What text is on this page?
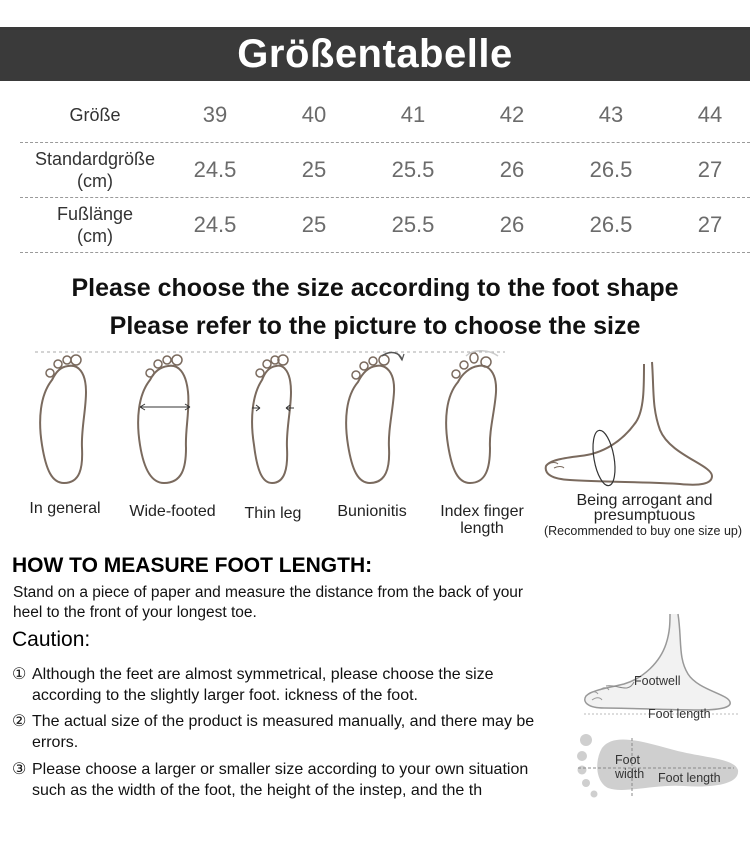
Größentabelle
Größe	39	40	41	42	43	44
Standardgröße
(cm)	24.5	25	25.5	26	26.5	27
Fußlänge
(cm)	24.5	25	25.5	26	26.5	27
Please choose the size according to the foot shape
Please refer to the picture to choose the size
In general	Wide-footed	Thin leg	Bunionitis	Index finger
length
Being arrogant and
presumptuous
(Recommended to buy one size up)
HOW TO MEASURE FOOT LENGTH:
Stand on a piece of paper and measure the distance from the back of your heel to the front of your longest toe.
Caution:
① Although the feet are almost symmetrical, please choose the size according to the slightly larger foot. ickness of the foot.
② The actual size of the product is measured manually, and there may be errors.
③ Please choose a larger or smaller size according to your own situation such as the width of the foot, the height of the instep, and the th
Footwell
Foot length
Foot
width Foot length
